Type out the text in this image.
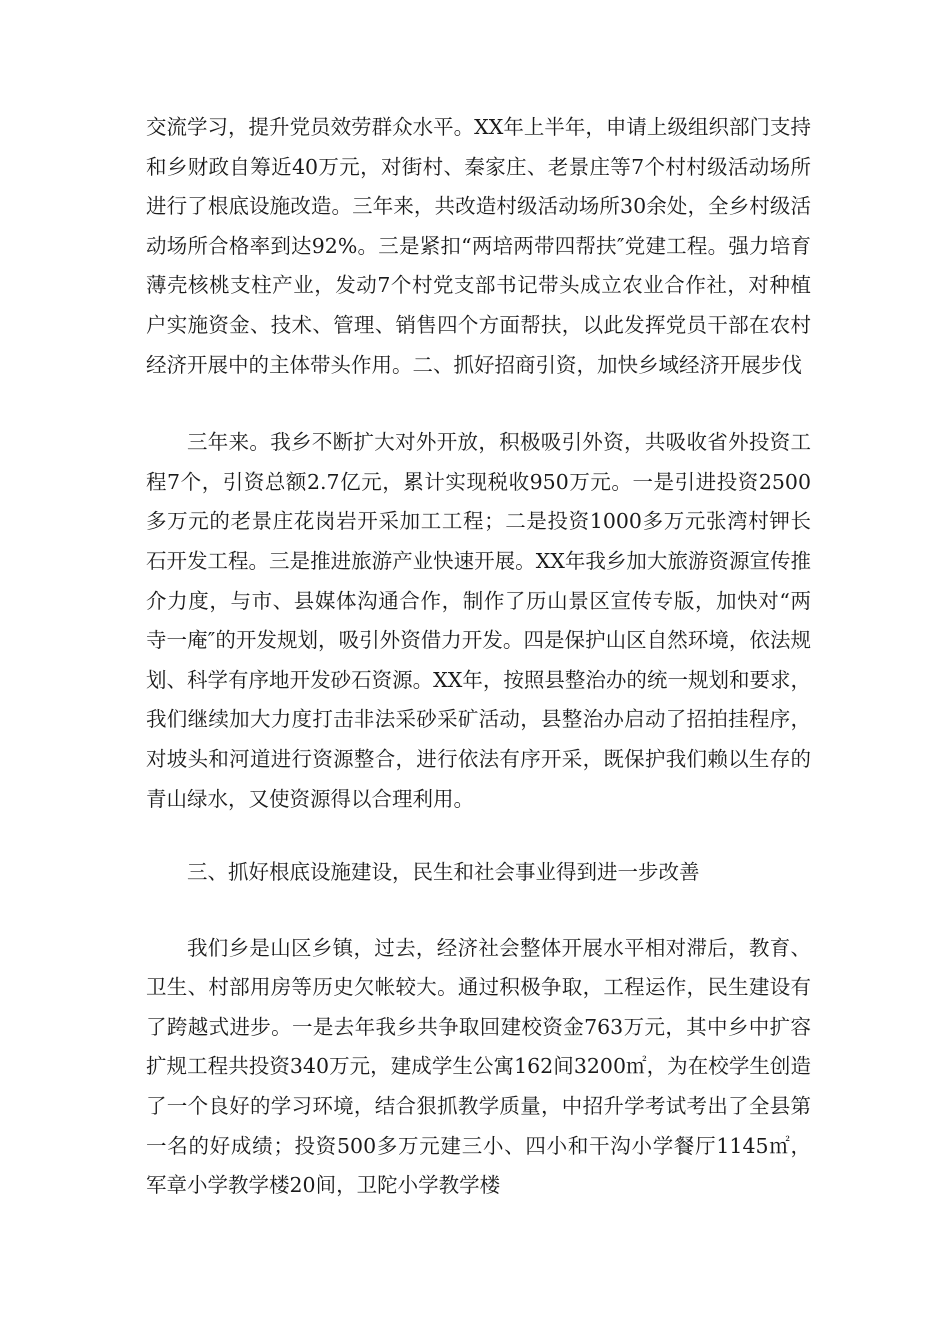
交流学习，提升党员效劳群众水平。XX年上半年，申请上级组织部门支持和乡财政自筹近40万元，对街村、秦家庄、老景庄等7个村村级活动场所进行了根底设施改造。三年来，共改造村级活动场所30余处，全乡村级活动场所合格率到达92%。三是紧扣“两培两带四帮扶″党建工程。强力培育薄壳核桃支柱产业，发动7个村党支部书记带头成立农业合作社，对种植户实施资金、技术、管理、销售四个方面帮扶，以此发挥党员干部在农村经济开展中的主体带头作用。二、抓好招商引资，加快乡域经济开展步伐

三年来。我乡不断扩大对外开放，积极吸引外资，共吸收省外投资工程7个，引资总额2.7亿元，累计实现税收950万元。一是引进投资2500多万元的老景庄花岗岩开采加工工程；二是投资1000多万元张湾村钾长石开发工程。三是推进旅游产业快速开展。XX年我乡加大旅游资源宣传推介力度，与市、县媒体沟通合作，制作了历山景区宣传专版，加快对“两寺一庵″的开发规划，吸引外资借力开发。四是保护山区自然环境，依法规划、科学有序地开发砂石资源。XX年，按照县整治办的统一规划和要求，我们继续加大力度打击非法采砂采矿活动，县整治办启动了招拍挂程序，对坡头和河道进行资源整合，进行依法有序开采，既保护我们赖以生存的青山绿水，又使资源得以合理利用。

三、抓好根底设施建设，民生和社会事业得到进一步改善

我们乡是山区乡镇，过去，经济社会整体开展水平相对滞后，教育、卫生、村部用房等历史欠帐较大。通过积极争取，工程运作，民生建设有了跨越式进步。一是去年我乡共争取回建校资金763万元，其中乡中扩容扩规工程共投资340万元，建成学生公寓162间3200㎡，为在校学生创造了一个良好的学习环境，结合狠抓教学质量，中招升学考试考出了全县第一名的好成绩；投资500多万元建三小、四小和干沟小学餐厅1145㎡，军章小学教学楼20间，卫陀小学教学楼
